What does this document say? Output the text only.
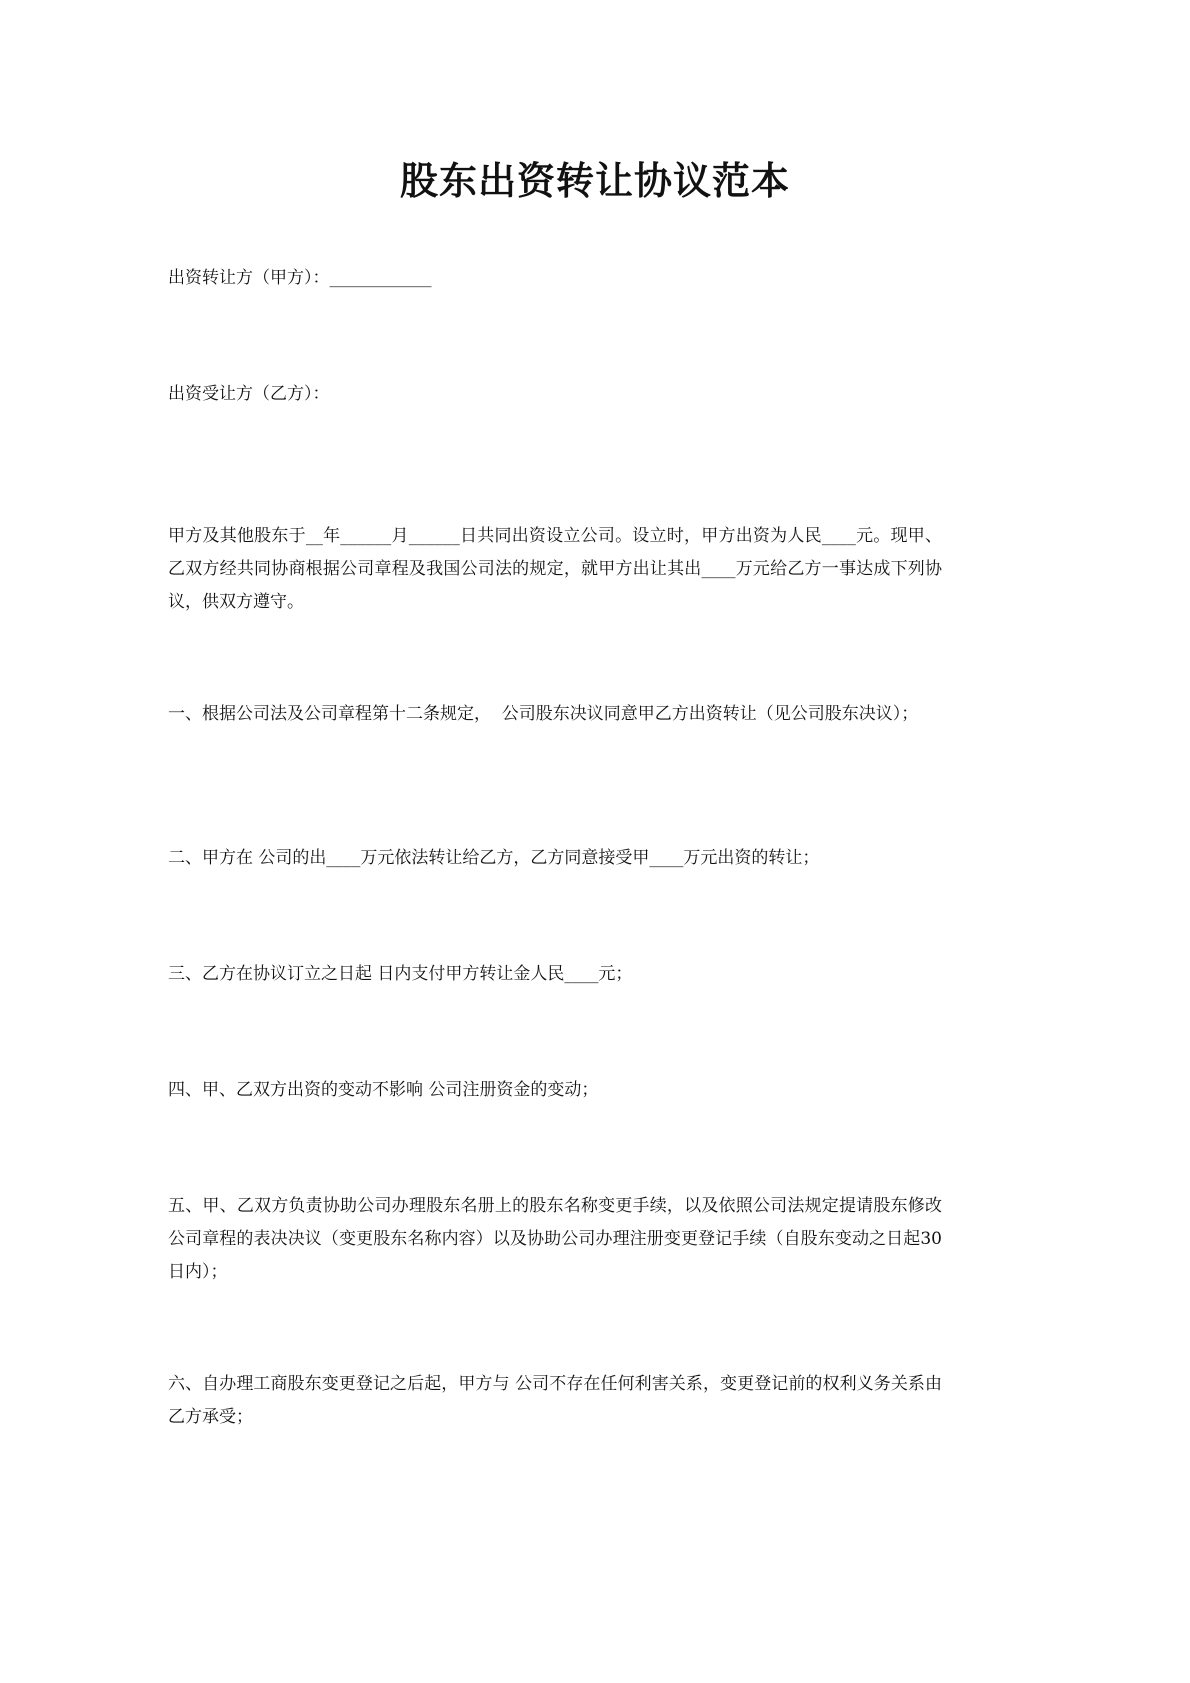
股东出资转让协议范本
出资转让方（甲方）：____________
出资受让方（乙方）：
甲方及其他股东于__年______月______日共同出资设立公司。设立时，甲方出资为人民____元。现甲、乙双方经共同协商根据公司章程及我国公司法的规定，就甲方出让其出____万元给乙方一事达成下列协议，供双方遵守。
一、根据公司法及公司章程第十二条规定，  公司股东决议同意甲乙方出资转让（见公司股东决议）；
二、甲方在 公司的出____万元依法转让给乙方，乙方同意接受甲____万元出资的转让；
三、乙方在协议订立之日起 日内支付甲方转让金人民____元；
四、甲、乙双方出资的变动不影响 公司注册资金的变动；
五、甲、乙双方负责协助公司办理股东名册上的股东名称变更手续，以及依照公司法规定提请股东修改公司章程的表决决议（变更股东名称内容）以及协助公司办理注册变更登记手续（自股东变动之日起30日内）；
六、自办理工商股东变更登记之后起，甲方与 公司不存在任何利害关系，变更登记前的权利义务关系由乙方承受；
